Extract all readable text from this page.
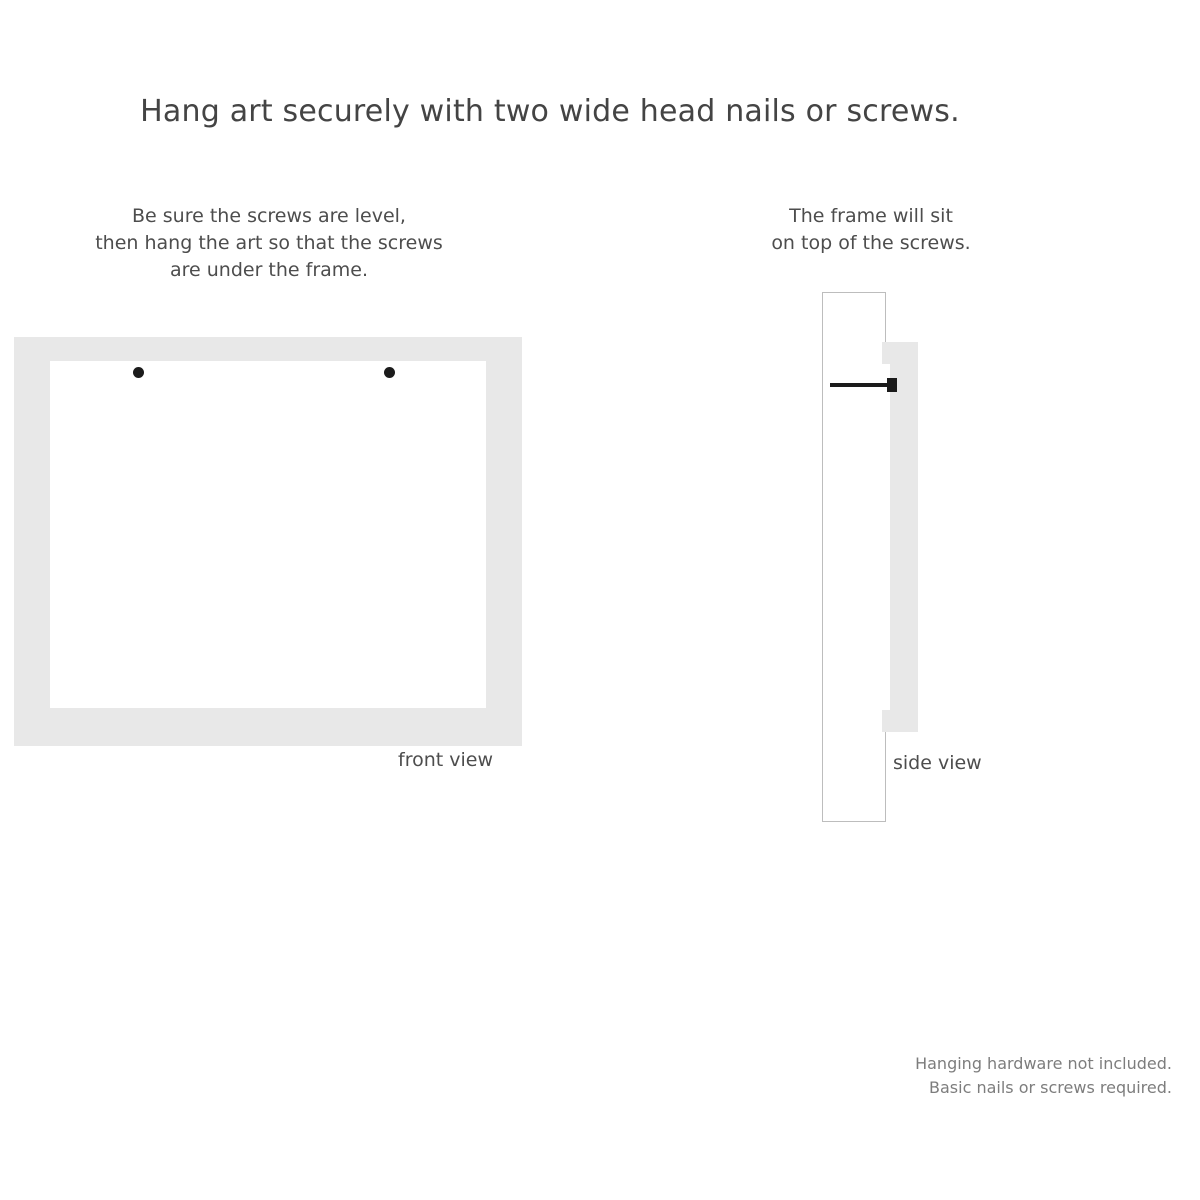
Hang art securely with two wide head nails or screws.
Be sure the screws are level,
then hang the art so that the screws
are under the frame.
front view
The frame will sit
on top of the screws.
side view
Hanging hardware not included.
Basic nails or screws required.
